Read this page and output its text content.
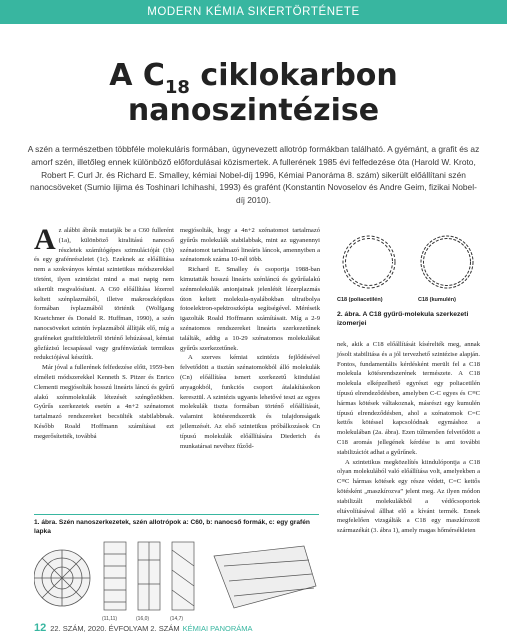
MODERN KÉMIA SIKERTÖRTÉNETE
A $C_{18}$ ciklokarbon
nanoszintézise
A szén a természetben többféle molekuláris formában, úgynevezett allotróp formákban található. A gyémánt, a grafit és az amorf szén, illetőleg ennek különböző előfordulásai közismertek. A fullerének 1985 évi felfedezése óta (Harold W. Kroto, Robert F. Curl Jr. és Richard E. Smalley, kémiai Nobel-díj 1996, Kémiai Panoráma 8. szám) sikerült előállítani szén nanocsöveket (Sumio Iijima és Toshinari Ichihashi, 1993) és grafént (Konstantin Novoselov és Andre Geim, fizikai Nobel-díj 2010).
A z alábbi ábrák mutatják be a C60 fullerént (1a), különböző kiralitású nanocső részletek számítógépes szimulációját (1b) és egy grafénrészletet (1c). Ezeknek az előállítása nem a szokványos kémiai szintetikus módszerekkel történt, ilyen szintézist mind a mai napig nem sikerült megvalósítani. A C60 előállítása lézerrel keltett szénplazmából, illetve makroszkópikus formában ívplazmából történik (Wolfgang Kraetchmer és Donald R. Huffman, 1990), a szén nanocsöveket szintén ívplazmából állítják elő, míg a graféneket grafitfelületről történő lehúzással, kémiai gőzfázisú lecsapással vagy grafénvázúak termikus redukciójával készítik.

Már jóval a fullerének felfedezése előtt, 1959-ben elméleti módszerekkel Kenneth S. Pitzer és Enrico Clementi megjósolták hosszú lineáris láncú és gyűrű alakú szénmolekulák létezését széngőzökben. Gyűrűs szerkezetek esetén a 4n+2 szénatomot tartalmazó rendszereket becsülték stabilabbnak. Később Roald Hoffmann számításai ezt megerősítették, továbbá

megjósolták, hogy a 4n+2 szénatomot tartalmazó gyűrűs molekulák stabilabbak, mint az ugyanennyi szénatomot tartalmazó lineáris láncok, amennyiben a szénatomok száma 10-nél több.

Richard E. Smalley és csoportja 1988-ban kimutatták hosszú lineáris szénláncú és gyűrűalakú szénmolekulák anionjainak jelenlétét lézerplazmás úton keltett molekula-nyalábokban ultraibolya fotoelektron-spektroszkópia segítségével. Méréseik igazolták Roald Hoffmann számításait. Míg a 2-9 szénatomos rendszereket lineáris szerkezetűnek találták, addig a 10-29 szénatomos molekulákat gyűrűs szerkezetűnek.

A szerves kémiai szintézis fejlődésével felvetődött a tisztán szénatomokból álló molekulák (Cn) előállítása ismert szerkezetű kiindulási anyagokból, funkciós csoport átalakításokon keresztül. A szintézis ugyanis lehetővé teszi az egyes molekulák tiszta formában történő előállítását, valamint kötésrendszerük és tulajdonságaik jellemzését. Az első szintetikus próbálkozások Cn típusú molekulák előállítására Diederich és munkatársai nevéhez fűződ-

C18 (poliacetilén)	C18 (kumulén)
2. ábra. A C18 gyűrű-molekula szerkezeti izomerjei

nek, akik a C18 előállítását kísérelték meg, annak jósolt stabilitása és a jól tervezhető szintézise alapján. Fontos, fundamentális kérdésként merült fel a C18 molekula kötésrendszerének természete. A C18 molekula elképzelhető egyrészt egy poliacetilén típusú elrendeződésben, amelyben C-C egyes és C≡C hármas kötések váltakoznak, másrészt egy kumulén típusú elrendeződésben, ahol a szénatomok C=C kettős kötéssel kapcsolódnak egymáshoz a molekulában (2a. ábra). Ezen túlmenően felvetődött a C18 aromás jellegének kérdése is ami további stabilizációt adhat a gyűrűnek.

A szintetikus megközelítés kiindulópontja a C18 olyan molekulából való előállítása volt, amelyekben a C≡C hármas kötések egy része védett, C=C kettős kötésként „maszkírozva” jelent meg. Az ilyen módon stabilizált molekulákból a védőcsoportok eltávolításával állhat elő a kívánt termék. Ennek megfelelően vizsgálták a C18 egy maszkírozott származékát (3. ábra 1), amely magas hőmérsékleten

1. ábra. Szén nanoszerkezetek, szén allotrópok a: C60, b: nanocső formák, c: egy grafén lapka
(11,11)	(16,0)	(14,7)
12 22. SZÁM, 2020. ÉVFOLYAM 2. SZÁM KÉMIAI PANORÁMA
